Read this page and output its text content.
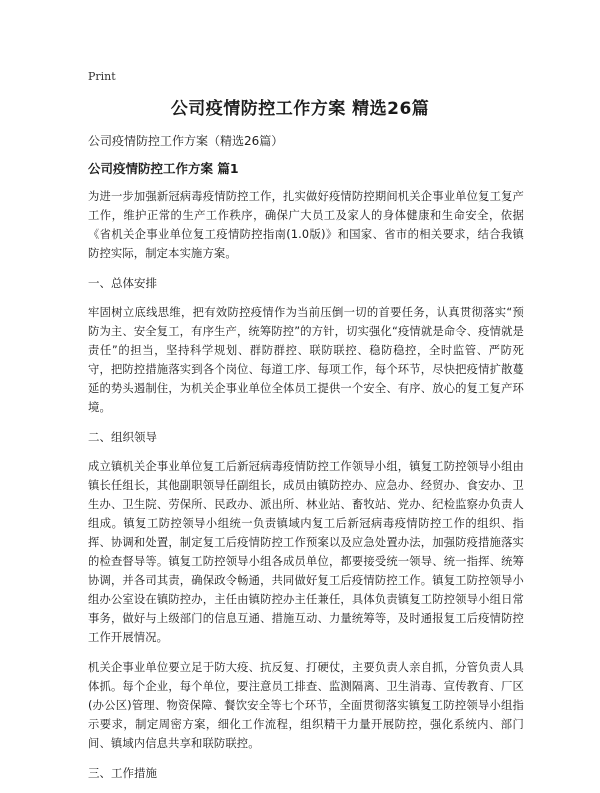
Print
公司疫情防控工作方案 精选26篇
公司疫情防控工作方案（精选26篇）
公司疫情防控工作方案 篇1

为进一步加强新冠病毒疫情防控工作，扎实做好疫情防控期间机关企事业单位复工复产工作，维护正常的生产工作秩序，确保广大员工及家人的身体健康和生命安全，依据《省机关企事业单位复工疫情防控指南(1.0版)》和国家、省市的相关要求，结合我镇防控实际，制定本实施方案。

一、总体安排

牢固树立底线思维，把有效防控疫情作为当前压倒一切的首要任务，认真贯彻落实“预防为主、安全复工，有序生产，统筹防控”的方针，切实强化“疫情就是命令、疫情就是责任”的担当，坚持科学规划、群防群控、联防联控、稳防稳控，全时监管、严防死守，把防控措施落实到各个岗位、每道工序、每项工作，每个环节，尽快把疫情扩散蔓延的势头遏制住，为机关企事业单位全体员工提供一个安全、有序、放心的复工复产环境。

二、组织领导

成立镇机关企事业单位复工后新冠病毒疫情防控工作领导小组，镇复工防控领导小组由镇长任组长，其他副职领导任副组长，成员由镇防控办、应急办、经贸办、食安办、卫生办、卫生院、劳保所、民政办、派出所、林业站、畜牧站、党办、纪检监察办负责人组成。镇复工防控领导小组统一负责镇域内复工后新冠病毒疫情防控工作的组织、指挥、协调和处置，制定复工后疫情防控工作预案以及应急处置办法，加强防疫措施落实的检查督导等。镇复工防控领导小组各成员单位，都要接受统一领导、统一指挥、统筹协调，并各司其责，确保政令畅通，共同做好复工后疫情防控工作。镇复工防控领导小组办公室设在镇防控办，主任由镇防控办主任兼任，具体负责镇复工防控领导小组日常事务，做好与上级部门的信息互通、措施互动、力量统筹等，及时通报复工后疫情防控工作开展情况。

机关企事业单位要立足于防大疫、抗反复、打硬仗，主要负责人亲自抓，分管负责人具体抓。每个企业，每个单位，要注意员工排查、监测隔离、卫生消毒、宣传教育、厂区(办公区)管理、物资保障、餐饮安全等七个环节，全面贯彻落实镇复工防控领导小组指示要求，制定周密方案，细化工作流程，组织精干力量开展防控，强化系统内、部门间、镇域内信息共享和联防联控。

三、工作措施
